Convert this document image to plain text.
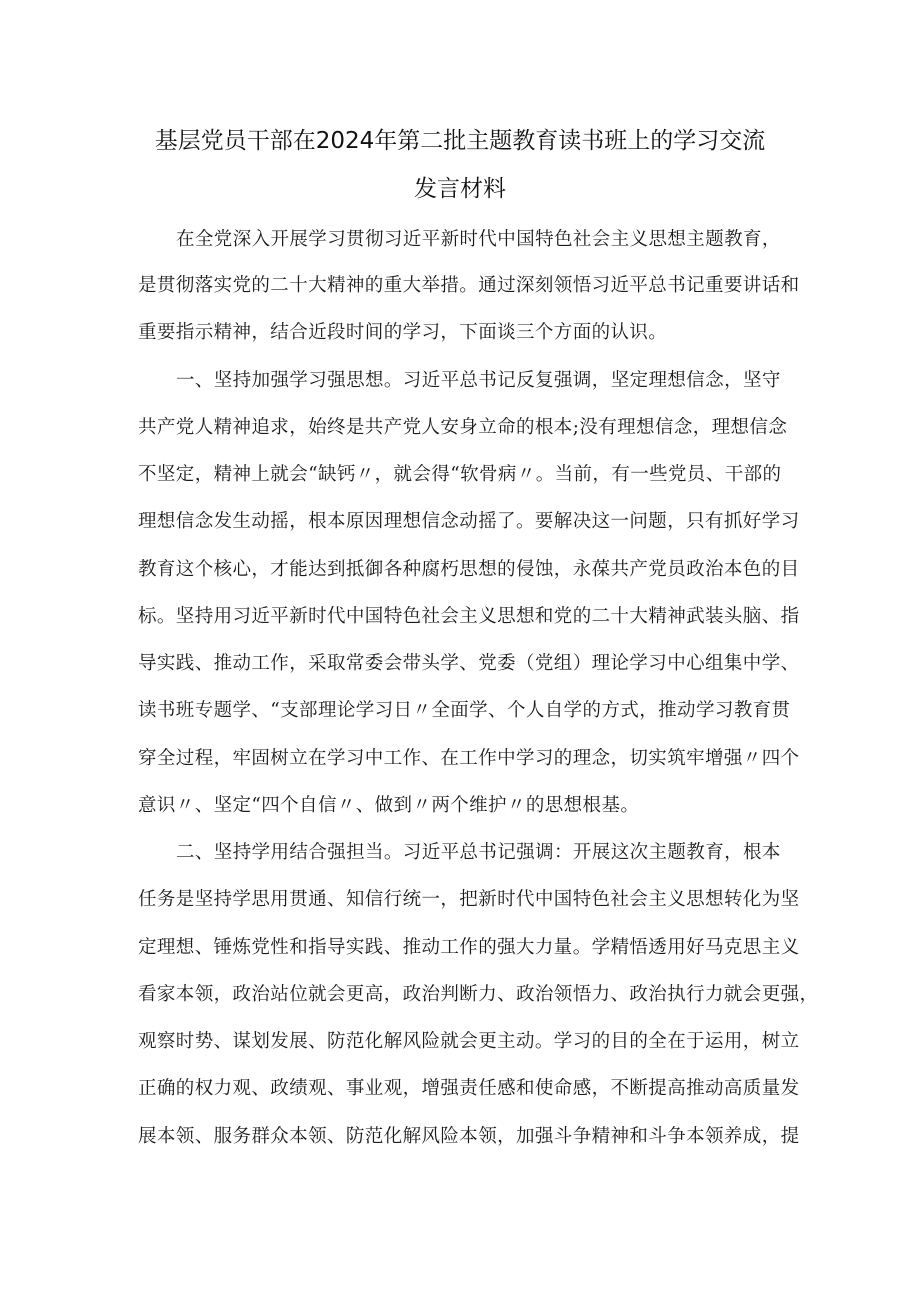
基层党员干部在2024年第二批主题教育读书班上的学习交流
发言材料
在全党深入开展学习贯彻习近平新时代中国特色社会主义思想主题教育，
是贯彻落实党的二十大精神的重大举措。通过深刻领悟习近平总书记重要讲话和
重要指示精神，结合近段时间的学习，下面谈三个方面的认识。
一、坚持加强学习强思想。习近平总书记反复强调，坚定理想信念，坚守
共产党人精神追求，始终是共产党人安身立命的根本;没有理想信念，理想信念
不坚定，精神上就会“缺钙〃，就会得“软骨病〃。当前，有一些党员、干部的
理想信念发生动摇，根本原因理想信念动摇了。要解决这一问题，只有抓好学习
教育这个核心，才能达到抵御各种腐朽思想的侵蚀，永葆共产党员政治本色的目
标。坚持用习近平新时代中国特色社会主义思想和党的二十大精神武装头脑、指
导实践、推动工作，采取常委会带头学、党委（党组）理论学习中心组集中学、
读书班专题学、“支部理论学习日〃全面学、个人自学的方式，推动学习教育贯
穿全过程，牢固树立在学习中工作、在工作中学习的理念，切实筑牢增强〃四个
意识〃、坚定“四个自信〃、做到〃两个维护〃的思想根基。
二、坚持学用结合强担当。习近平总书记强调：开展这次主题教育，根本
任务是坚持学思用贯通、知信行统一，把新时代中国特色社会主义思想转化为坚
定理想、锤炼党性和指导实践、推动工作的强大力量。学精悟透用好马克思主义
看家本领，政治站位就会更高，政治判断力、政治领悟力、政治执行力就会更强，
观察时势、谋划发展、防范化解风险就会更主动。学习的目的全在于运用，树立
正确的权力观、政绩观、事业观，增强责任感和使命感，不断提高推动高质量发
展本领、服务群众本领、防范化解风险本领，加强斗争精神和斗争本领养成，提
